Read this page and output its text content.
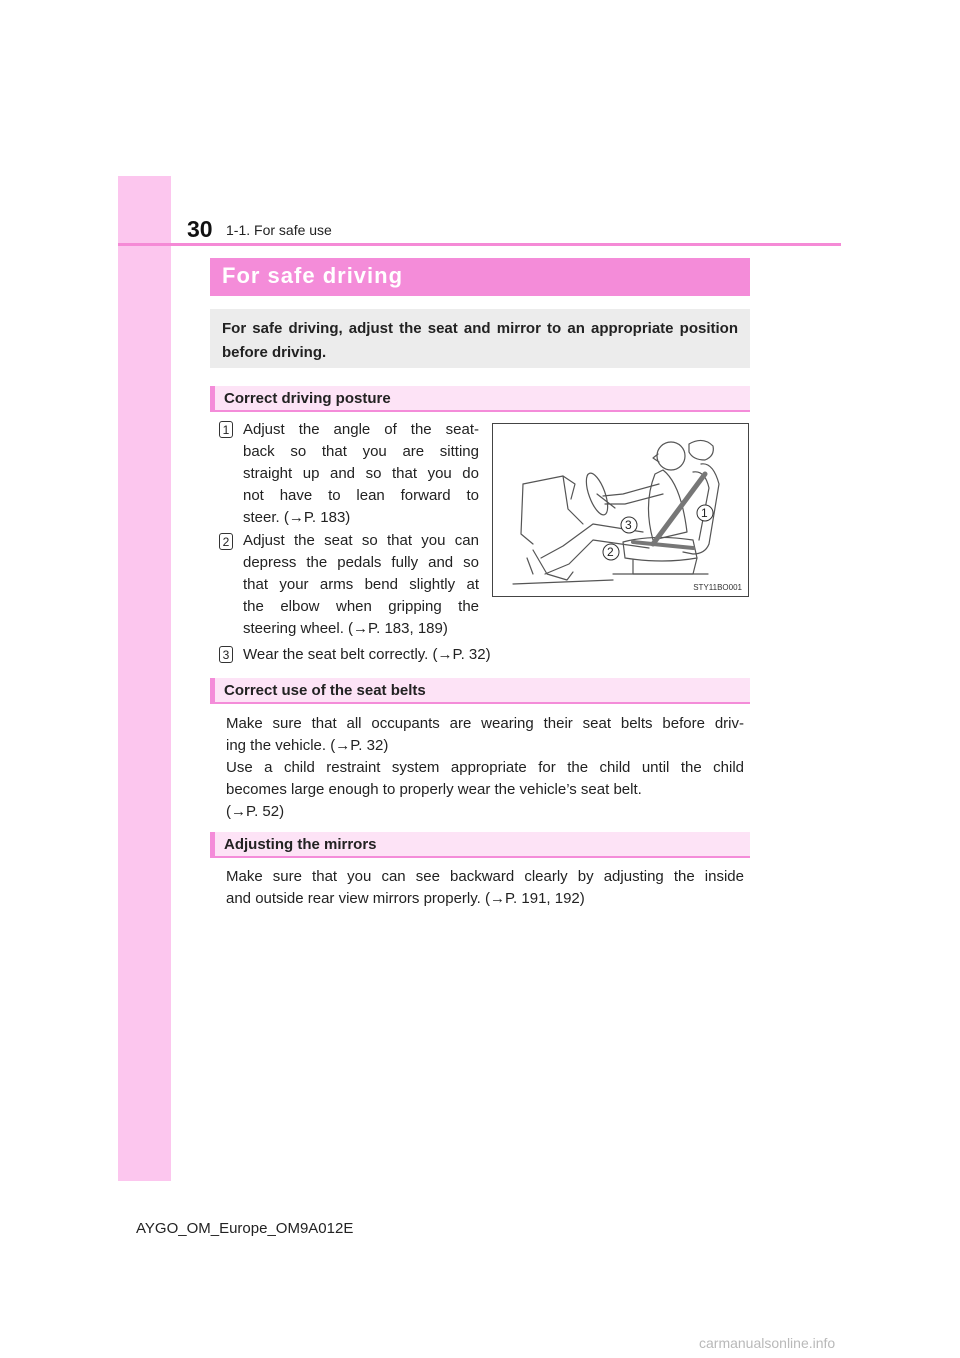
30 1-1. For safe use
For safe driving
For safe driving, adjust the seat and mirror to an appropriate position before driving.
Correct driving posture
1 Adjust the angle of the seat-
back so that you are sitting
straight up and so that you do
not have to lean forward to
steer. (→P. 183)
2 Adjust the seat so that you can
depress the pedals fully and so
that your arms bend slightly at
the elbow when gripping the
steering wheel. (→P. 183, 189)
3 Wear the seat belt correctly. (→P. 32)
1
3
2
STY11BO001
Correct use of the seat belts
Make sure that all occupants are wearing their seat belts before driv-
ing the vehicle. (→P. 32)
Use a child restraint system appropriate for the child until the child
becomes large enough to properly wear the vehicle’s seat belt.
(→P. 52)
Adjusting the mirrors
Make sure that you can see backward clearly by adjusting the inside
and outside rear view mirrors properly. (→P. 191, 192)
AYGO_OM_Europe_OM9A012E
carmanualsonline.info
